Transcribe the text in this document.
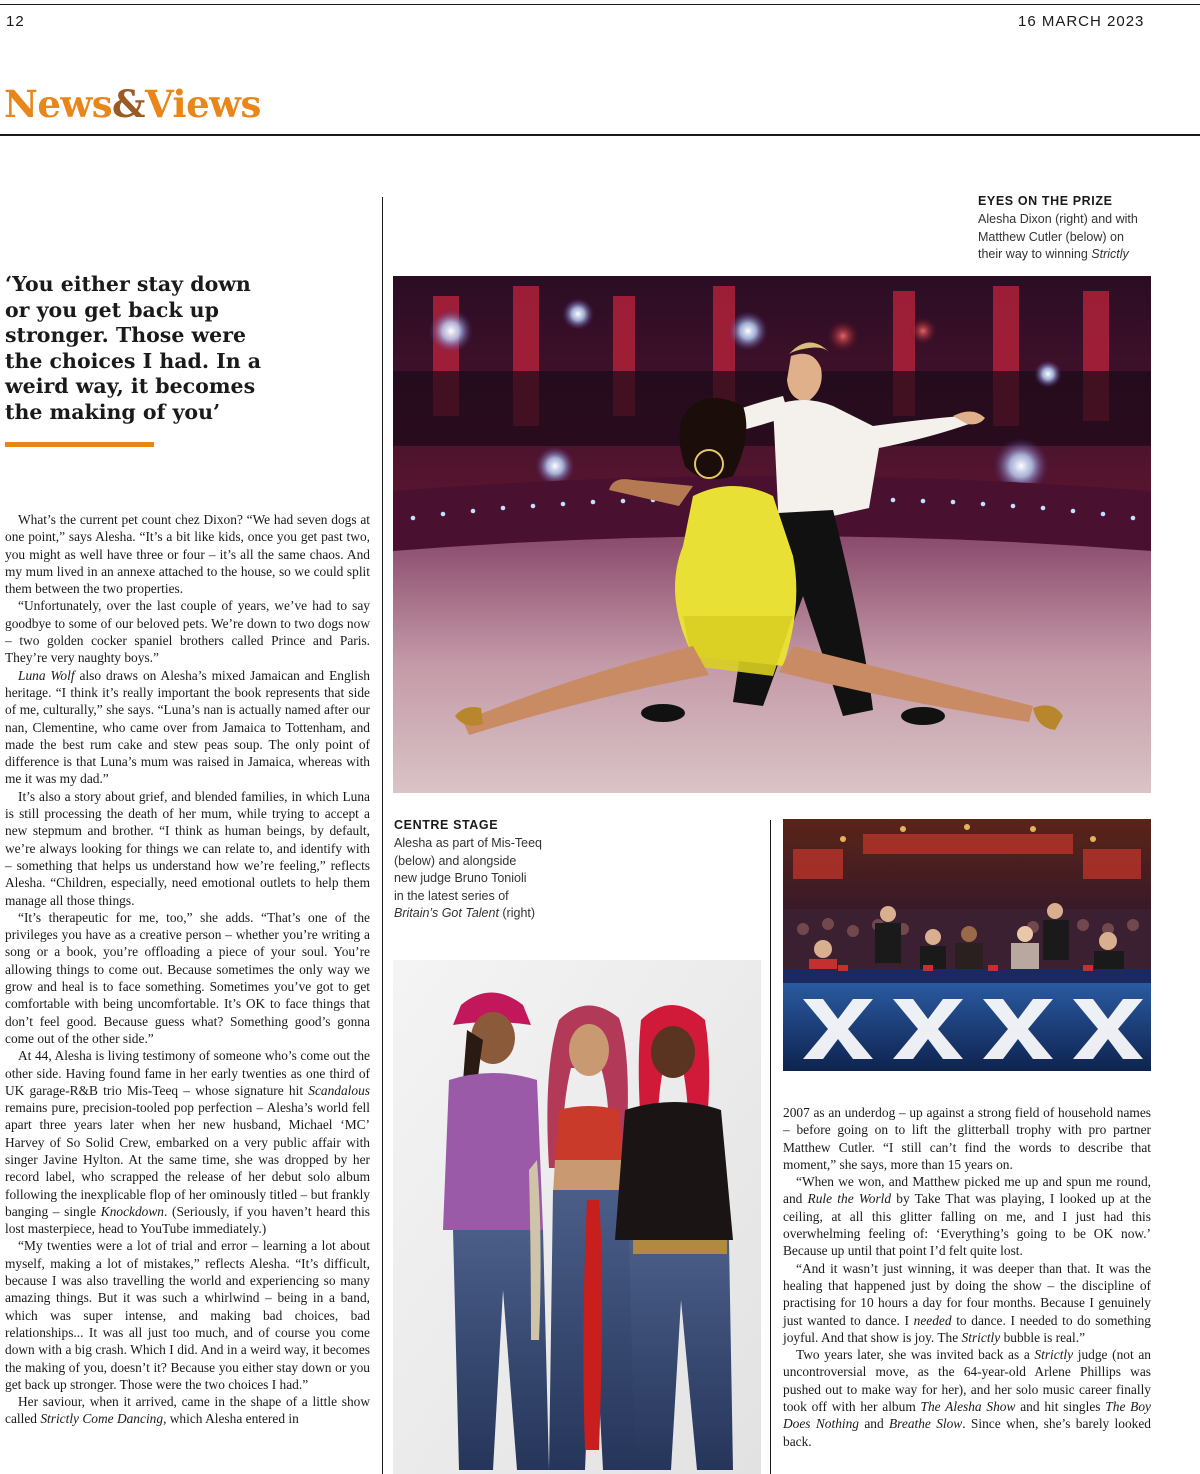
12	16 MARCH 2023
News&Views
‘You either stay down or you get back up stronger. Those were the choices I had. In a weird way, it becomes the making of you’
EYES ON THE PRIZE
Alesha Dixon (right) and with
Matthew Cutler (below) on
their way to winning Strictly
CENTRE STAGE
Alesha as part of Mis-Teeq
(below) and alongside
new judge Bruno Tonioli
in the latest series of
Britain’s Got Talent (right)

What’s the current pet count chez Dixon? “We had seven dogs at one point,” says Alesha. “It’s a bit like kids, once you get past two, you might as well have three or four – it’s all the same chaos. And my mum lived in an annexe attached to the house, so we could split them between the two properties.

“Unfortunately, over the last couple of years, we’ve had to say goodbye to some of our beloved pets. We’re down to two dogs now – two golden cocker spaniel brothers called Prince and Paris. They’re very naughty boys.”

Luna Wolf also draws on Alesha’s mixed Jamaican and English heritage. “I think it’s really important the book represents that side of me, culturally,” she says. “Luna’s nan is actually named after our nan, Clementine, who came over from Jamaica to Tottenham, and made the best rum cake and stew peas soup. The only point of difference is that Luna’s mum was raised in Jamaica, whereas with me it was my dad.”

It’s also a story about grief, and blended families, in which Luna is still processing the death of her mum, while trying to accept a new stepmum and brother. “I think as human beings, by default, we’re always looking for things we can relate to, and identify with – something that helps us understand how we’re feeling,” reflects Alesha. “Children, especially, need emotional outlets to help them manage all those things.

“It’s therapeutic for me, too,” she adds. “That’s one of the privileges you have as a creative person – whether you’re writing a song or a book, you’re offloading a piece of your soul. You’re allowing things to come out. Because sometimes the only way we grow and heal is to face something. Sometimes you’ve got to get comfortable with being uncomfortable. It’s OK to face things that don’t feel good. Because guess what? Something good’s gonna come out of the other side.”

At 44, Alesha is living testimony of someone who’s come out the other side. Having found fame in her early twenties as one third of UK garage-R&B trio Mis-Teeq – whose signature hit Scandalous remains pure, precision-tooled pop perfection – Alesha’s world fell apart three years later when her new husband, Michael ‘MC’ Harvey of So Solid Crew, embarked on a very public affair with singer Javine Hylton. At the same time, she was dropped by her record label, who scrapped the release of her debut solo album following the inexplicable flop of her ominously titled – but frankly banging – single Knockdown. (Seriously, if you haven’t heard this lost masterpiece, head to YouTube immediately.)

“My twenties were a lot of trial and error – learning a lot about myself, making a lot of mistakes,” reflects Alesha. “It’s difficult, because I was also travelling the world and experiencing so many amazing things. But it was such a whirlwind – being in a band, which was super intense, and making bad choices, bad relationships... It was all just too much, and of course you come down with a big crash. Which I did. And in a weird way, it becomes the making of you, doesn’t it? Because you either stay down or you get back up stronger. Those were the two choices I had.”

Her saviour, when it arrived, came in the shape of a little show called Strictly Come Dancing, which Alesha entered in

2007 as an underdog – up against a strong field of household names – before going on to lift the glitterball trophy with pro partner Matthew Cutler. “I still can’t find the words to describe that moment,” she says, more than 15 years on.

“When we won, and Matthew picked me up and spun me round, and Rule the World by Take That was playing, I looked up at the ceiling, at all this glitter falling on me, and I just had this overwhelming feeling of: ‘Everything’s going to be OK now.’ Because up until that point I’d felt quite lost.

“And it wasn’t just winning, it was deeper than that. It was the healing that happened just by doing the show – the discipline of practising for 10 hours a day for four months. Because I genuinely just wanted to dance. I needed to dance. I needed to do something joyful. And that show is joy. The Strictly bubble is real.”

Two years later, she was invited back as a Strictly judge (not an uncontroversial move, as the 64-year-old Arlene Phillips was pushed out to make way for her), and her solo music career finally took off with her album The Alesha Show and hit singles The Boy Does Nothing and Breathe Slow. Since when, she’s barely looked back.
